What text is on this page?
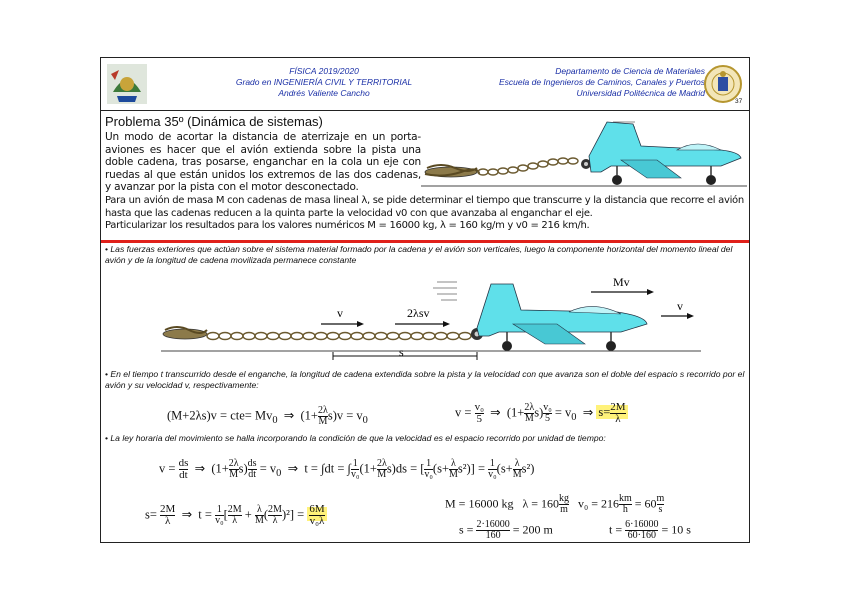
FÍSICA 2019/2020
Grado en INGENIERÍA CIVIL Y TERRITORIAL
Andrés Valiente Cancho
Departamento de Ciencia de Materiales
Escuela de Ingenieros de Caminos, Canales y Puertos
Universidad Politécnica de Madrid
37
Problema 35º (Dinámica de sistemas)
Un modo de acortar la distancia de aterrizaje en un porta-aviones es hacer que el avión extienda sobre la pista una doble cadena, tras posarse, enganchar en la cola un eje con ruedas al que están unidos los extremos de las dos cadenas, y avanzar por la pista con el motor desconectado.
Para un avión de masa M con cadenas de masa lineal λ, se pide determinar el tiempo que transcurre y la distancia que recorre el avión hasta que las cadenas reducen a la quinta parte la velocidad v0 con que avanzaba al enganchar el eje.
Particularizar los resultados para los valores numéricos M = 16000 kg, λ = 160 kg/m y v0 = 216 km/h.
• Las fuerzas exteriores que actúan sobre el sistema material formado por la cadena y el avión son verticales, luego la componente horizontal del momento lineal del avión y de la longitud de cadena movilizada permanece constante
v	2λsv
Mv
v
s
• En el tiempo t transcurrido desde el enganche, la longitud de cadena extendida sobre la pista y la velocidad con que avanza son el doble del espacio s recorrido por el avión y su velocidad v, respectivamente:
$(M+2\lambda s)v = cte= Mv_0$  ⇒  $(1+ \frac{2\lambda}{M} s)v = v_0$
$v = \frac{\text{v₀}}{5}$ ⇒  $(1+ \frac{2\lambda}{M} s) \frac{\text{v₀}}{5} = v_0$  ⇒ $s= \frac{2M}{\lambda}$
• La ley horaria del movimiento se halla incorporando la condición de que la velocidad es el espacio recorrido por unidad de tiempo:
$v = \frac{ds}{dt}$ ⇒  $(1+ \frac{2\lambda}{M} s) \frac{ds}{dt} = v_0$  ⇒  t = ∫dt = ∫ $\frac{1}{\text{v₀}} (1+ \frac{2\lambda}{M} s)ds$ = [ $\frac{1}{\text{v₀}} (s+ \frac{\lambda}{M} s^2)] = \frac{1}{\text{v₀}} (s+ \frac{\lambda}{M} s^2)$
$s= \frac{2M}{\lambda}$ ⇒  $t = \frac{1}{\text{v₀}}$ [ $\frac{2M}{\lambda} + \frac{\lambda}{M}$ ( $\frac{2M}{\lambda} )^2] = \frac{6M}{\text{v₀λ}}$
M = 16000 kg $\lambda = 160 \frac{kg}{m} v_0 = 216 \frac{km}{h} = 60 \frac{m}{s}$
$s = \frac{2\cdot 16000}{160} = 200$ m	$t = \frac{6\cdot 16000}{60\cdot 160} = 10$ s
